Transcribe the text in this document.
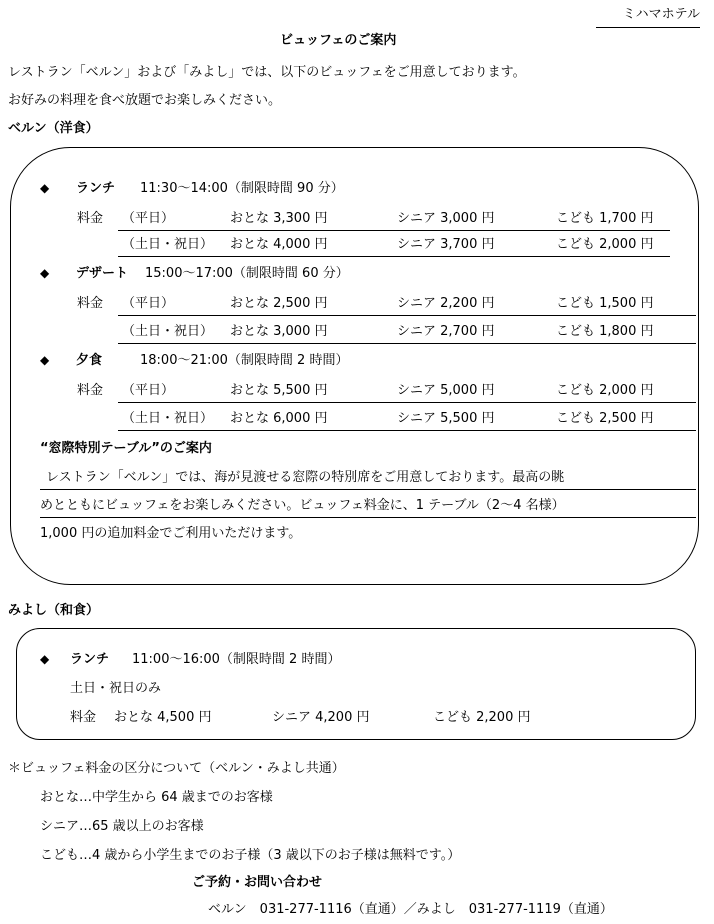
ミハマホテル
ビュッフェのご案内
レストラン「ベルン」および「みよし」では、以下のビュッフェをご用意しております。
お好みの料理を食べ放題でお楽しみください。
ベルン（洋食）
◆ ランチ 11:30～14:00（制限時間 90 分）
料金 （平日）	おとな 3,300 円	シニア 3,000 円	こども 1,700 円
（土日・祝日） おとな 4,000 円	シニア 3,700 円	こども 2,000 円
◆ デザート 15:00～17:00（制限時間 60 分）
料金 （平日）	おとな 2,500 円	シニア 2,200 円	こども 1,500 円
（土日・祝日） おとな 3,000 円	シニア 2,700 円	こども 1,800 円
◆ 夕食	18:00～21:00（制限時間 2 時間）
料金 （平日）	おとな 5,500 円	シニア 5,000 円	こども 2,000 円
（土日・祝日） おとな 6,000 円	シニア 5,500 円	こども 2,500 円
“窓際特別テーブル”のご案内
レストラン「ベルン」では、海が見渡せる窓際の特別席をご用意しております。最高の眺
めとともにビュッフェをお楽しみください。ビュッフェ料金に、1 テーブル（2～4 名様）
1,000 円の追加料金でご利用いただけます。
みよし（和食）
◆ ランチ 11:00～16:00（制限時間 2 時間）
土日・祝日のみ
料金 おとな 4,500 円	シニア 4,200 円	こども 2,200 円
＊ビュッフェ料金の区分について（ベルン・みよし共通）
おとな…中学生から 64 歳までのお客様
シニア…65 歳以上のお客様
こども…4 歳から小学生までのお子様（3 歳以下のお子様は無料です。）
ご予約・お問い合わせ
ベルン　031-277-1116（直通）／みよし　031-277-1119（直通）
